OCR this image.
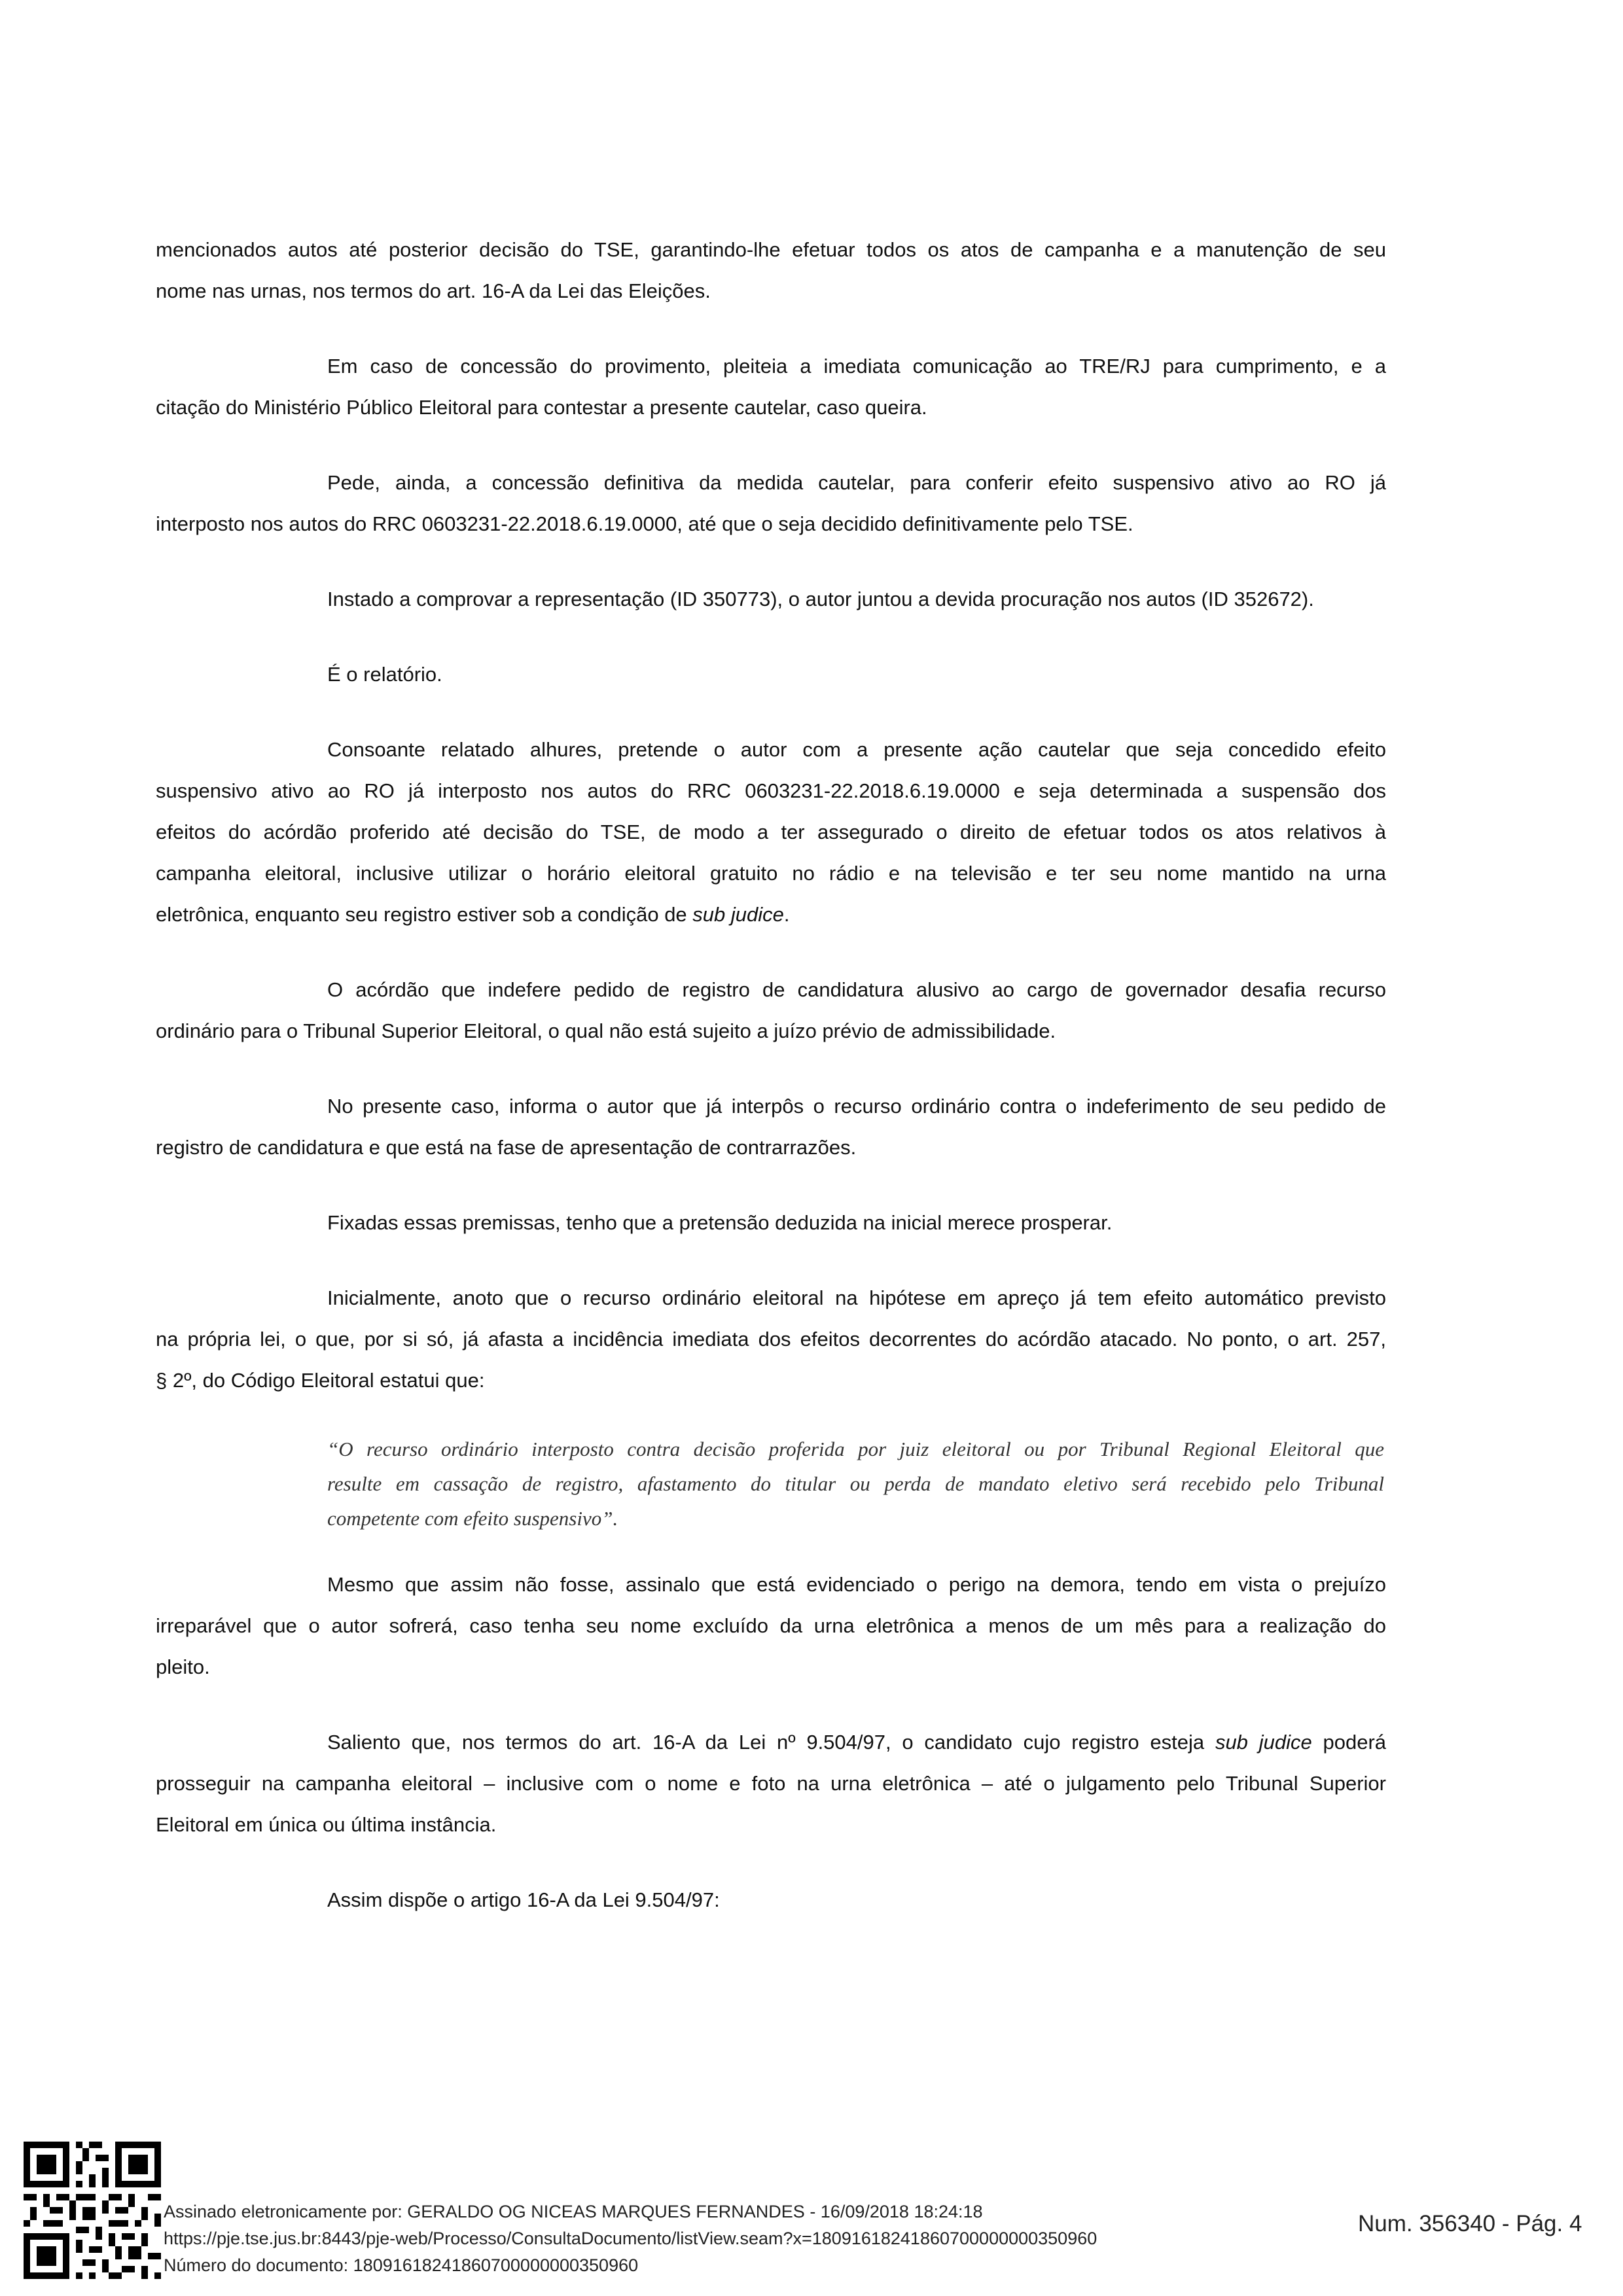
mencionados autos até posterior decisão do TSE, garantindo-lhe efetuar todos os atos de campanha e a manutenção de seu

nome nas urnas, nos termos do art. 16-A da Lei das Eleições.

Em caso de concessão do provimento, pleiteia a imediata comunicação ao TRE/RJ para cumprimento, e a

citação do Ministério Público Eleitoral para contestar a presente cautelar, caso queira.

Pede, ainda, a concessão definitiva da medida cautelar, para conferir efeito suspensivo ativo ao RO já

interposto nos autos do RRC 0603231-22.2018.6.19.0000, até que o seja decidido definitivamente pelo TSE.

Instado a comprovar a representação (ID 350773), o autor juntou a devida procuração nos autos (ID 352672).

É o relatório.

Consoante relatado alhures, pretende o autor com a presente ação cautelar que seja concedido efeito

suspensivo ativo ao RO já interposto nos autos do RRC 0603231-22.2018.6.19.0000 e seja determinada a suspensão dos

efeitos do acórdão proferido até decisão do TSE, de modo a ter assegurado o direito de efetuar todos os atos relativos à

campanha eleitoral, inclusive utilizar o horário eleitoral gratuito no rádio e na televisão e ter seu nome mantido na urna

eletrônica, enquanto seu registro estiver sob a condição de sub judice.

O acórdão que indefere pedido de registro de candidatura alusivo ao cargo de governador desafia recurso

ordinário para o Tribunal Superior Eleitoral, o qual não está sujeito a juízo prévio de admissibilidade.

No presente caso, informa o autor que já interpôs o recurso ordinário contra o indeferimento de seu pedido de

registro de candidatura e que está na fase de apresentação de contrarrazões.

Fixadas essas premissas, tenho que a pretensão deduzida na inicial merece prosperar.

Inicialmente, anoto que o recurso ordinário eleitoral na hipótese em apreço já tem efeito automático previsto

na própria lei, o que, por si só, já afasta a incidência imediata dos efeitos decorrentes do acórdão atacado. No ponto, o art. 257,

§ 2º, do Código Eleitoral estatui que:

“O recurso ordinário interposto contra decisão proferida por juiz eleitoral ou por Tribunal Regional Eleitoral que

resulte em cassação de registro, afastamento do titular ou perda de mandato eletivo será recebido pelo Tribunal

competente com efeito suspensivo”.

Mesmo que assim não fosse, assinalo que está evidenciado o perigo na demora, tendo em vista o prejuízo

irreparável que o autor sofrerá, caso tenha seu nome excluído da urna eletrônica a menos de um mês para a realização do

pleito.

Saliento que, nos termos do art. 16-A da Lei nº 9.504/97, o candidato cujo registro esteja sub judice poderá

prosseguir na campanha eleitoral – inclusive com o nome e foto na urna eletrônica – até o julgamento pelo Tribunal Superior

Eleitoral em única ou última instância.

Assim dispõe o artigo 16-A da Lei 9.504/97:

Assinado eletronicamente por: GERALDO OG NICEAS MARQUES FERNANDES - 16/09/2018 18:24:18
https://pje.tse.jus.br:8443/pje-web/Processo/ConsultaDocumento/listView.seam?x=18091618241860700000000350960
Número do documento: 18091618241860700000000350960
Num. 356340 - Pág. 4
